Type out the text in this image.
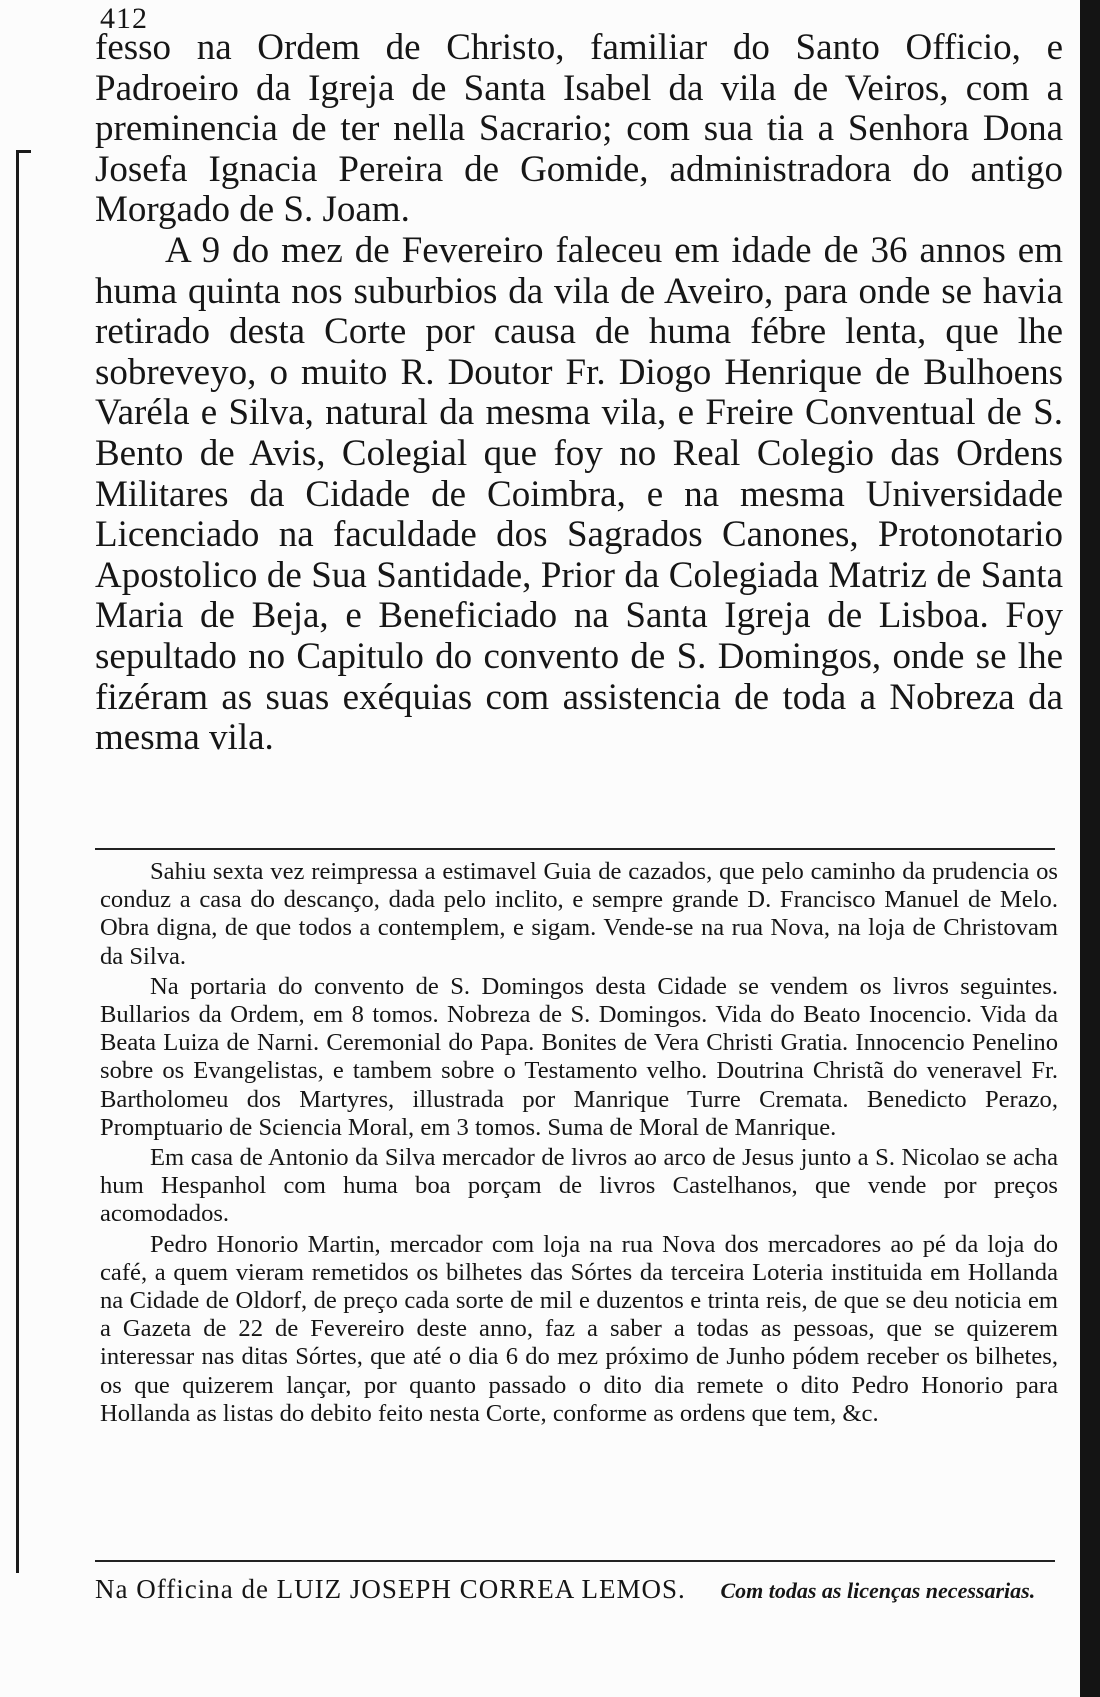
412

fesso na Ordem de Christo, familiar do Santo Officio, e Padroeiro da Igreja de Santa Isabel da vila de Veiros, com a preminencia de ter nella Sacrario; com sua tia a Senhora Dona Josefa Ignacia Pereira de Gomide, administradora do antigo Morgado de S. Joam.

A 9 do mez de Fevereiro faleceu em idade de 36 annos em huma quinta nos suburbios da vila de Aveiro, para onde se havia retirado desta Corte por causa de huma fébre lenta, que lhe sobreveyo, o muito R. Doutor Fr. Diogo Henrique de Bulhoens Varéla e Silva, natural da mesma vila, e Freire Conventual de S. Bento de Avis, Colegial que foy no Real Colegio das Ordens Militares da Cidade de Coimbra, e na mesma Universidade Licenciado na faculdade dos Sagrados Canones, Protonotario Apostolico de Sua Santidade, Prior da Colegiada Matriz de Santa Maria de Beja, e Beneficiado na Santa Igreja de Lisboa. Foy sepultado no Capitulo do convento de S. Domingos, onde se lhe fizéram as suas exéquias com assistencia de toda a Nobreza da mesma vila.

Sahiu sexta vez reimpressa a estimavel Guia de cazados, que pelo caminho da prudencia os conduz a casa do descanço, dada pelo inclito, e sempre grande D. Francisco Manuel de Melo. Obra digna, de que todos a contemplem, e sigam. Vende-se na rua Nova, na loja de Christovam da Silva.

Na portaria do convento de S. Domingos desta Cidade se vendem os livros seguintes. Bullarios da Ordem, em 8 tomos. Nobreza de S. Domingos. Vida do Beato Inocencio. Vida da Beata Luiza de Narni. Ceremonial do Papa. Bonites de Vera Christi Gratia. Innocencio Penelino sobre os Evangelistas, e tambem sobre o Testamento velho. Doutrina Christã do veneravel Fr. Bartholomeu dos Martyres, illustrada por Manrique Turre Cremata. Benedicto Perazo, Promptuario de Sciencia Moral, em 3 tomos. Suma de Moral de Manrique.

Em casa de Antonio da Silva mercador de livros ao arco de Jesus junto a S. Nicolao se acha hum Hespanhol com huma boa porçam de livros Castelhanos, que vende por preços acomodados.

Pedro Honorio Martin, mercador com loja na rua Nova dos mercadores ao pé da loja do café, a quem vieram remetidos os bilhetes das Sórtes da terceira Loteria instituida em Hollanda na Cidade de Oldorf, de preço cada sorte de mil e duzentos e trinta reis, de que se deu noticia em a Gazeta de 22 de Fevereiro deste anno, faz a saber a todas as pessoas, que se quizerem interessar nas ditas Sórtes, que até o dia 6 do mez próximo de Junho pódem receber os bilhetes, os que quizerem lançar, por quanto passado o dito dia remete o dito Pedro Honorio para Hollanda as listas do debito feito nesta Corte, conforme as ordens que tem, &c.

Na Officina de LUIZ JOSEPH CORREA LEMOS. Com todas as licenças necessarias.
